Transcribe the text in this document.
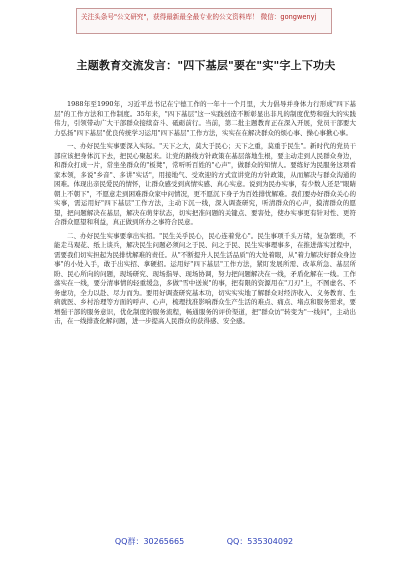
关注头条号"公文研究"，获得最新最全最专业的公文资料库！ 微信：gongwenyj
主题教育交流发言："四下基层"要在"实"字上下功夫

1988年至1990年，习近平总书记在宁德工作的一年十一个月里，大力倡导并身体力行形成"四下基层"的工作方法和工作制度。35年来，"四下基层"这一实践创造不断彰显出非凡的制度优势和强大的实践伟力，引领带动广大干部群众接续奋斗、砥砺前行。当前，第二批主题教育正在深入开展，党员干部要大力弘扬"四下基层"优良传统学习运用"四下基层"工作方法，实实在在解决群众的烦心事、操心事揪心事。

一、办好民生实事要深入实际。"天下之大，莫大于民心；天下之重，莫重于民生"。新时代的党员干部应该把身体沉下去，把民心聚起来。让党的路线方针政策在基层落地生根，要主动走到人民群众身边，和群众打成一片，常坐坐群众的"板凳"，常听听百姓的"心声"，做群众的知情人。要练好为民服务这项看家本领，多说"乡音"、多讲"实话"，用接地气、受欢迎的方式宣讲党的方针政策，从而解决与群众沟通的困难。体现出亲民爱民的情怀，让群众感受到真情实感、真心实意。说到为民办实事，有少数人还是"眼睛朝上不朝下"，不愿意走到困难群众家中问情况，更不愿沉下身子为百姓排忧解难。我们要办好群众关心的实事，需运用好"四下基层"工作方法，主动下沉一线，深入调查研究，听清群众的心声，摸清群众的愿望，把问题解决在基层，解决在萌芽状态，切实把准问题的关键点、要害处，使办实事更有针对性、更符合群众愿望和利益，真正做到所办之事符合民意。

二、办好民生实事要拿出实招。"民生关乎民心，民心连着党心"。民生事项千头万绪，复杂繁琐，不能走马观花、纸上谈兵，解决民生问题必须问之于民、问之于民、民生实事理事多，在推进落实过程中，需要我们切实担起为民排忧解难的责任。从"不断提升人民生活品质"的大处着眼，从"着力解决好群众身边事"的小处入手，敢于出实招、拿硬招。运用好"四下基层"工作方法，紧盯发展所需、改革所急、基层所盼、民心所向的问题，现场研究、现场指导、现场协调，努力把问题解决在一线，矛盾化解在一线。工作落实在一线，要分清事情的轻重缓急，多做"雪中送炭"的事，把有限的资源用在"刀刃"上，不图虚名、不务虚功，全力以赴、尽力而为。要用好调查研究基本功，切实实实地了解群众对经济收入、义务教育、生病就医、乡村治理等方面的呼声、心声，梳理找准影响群众生产生活的难点、痛点、堵点和服务需求，要增强干部的服务意识，优化制度的服务流程，畅通服务的评价渠道，把"群众访"转变为"一线问"，主动出击，在一线排查化解问题，进一步提高人民群众的获得感、安全感。

QQ群：30265665	QQ：535304092
